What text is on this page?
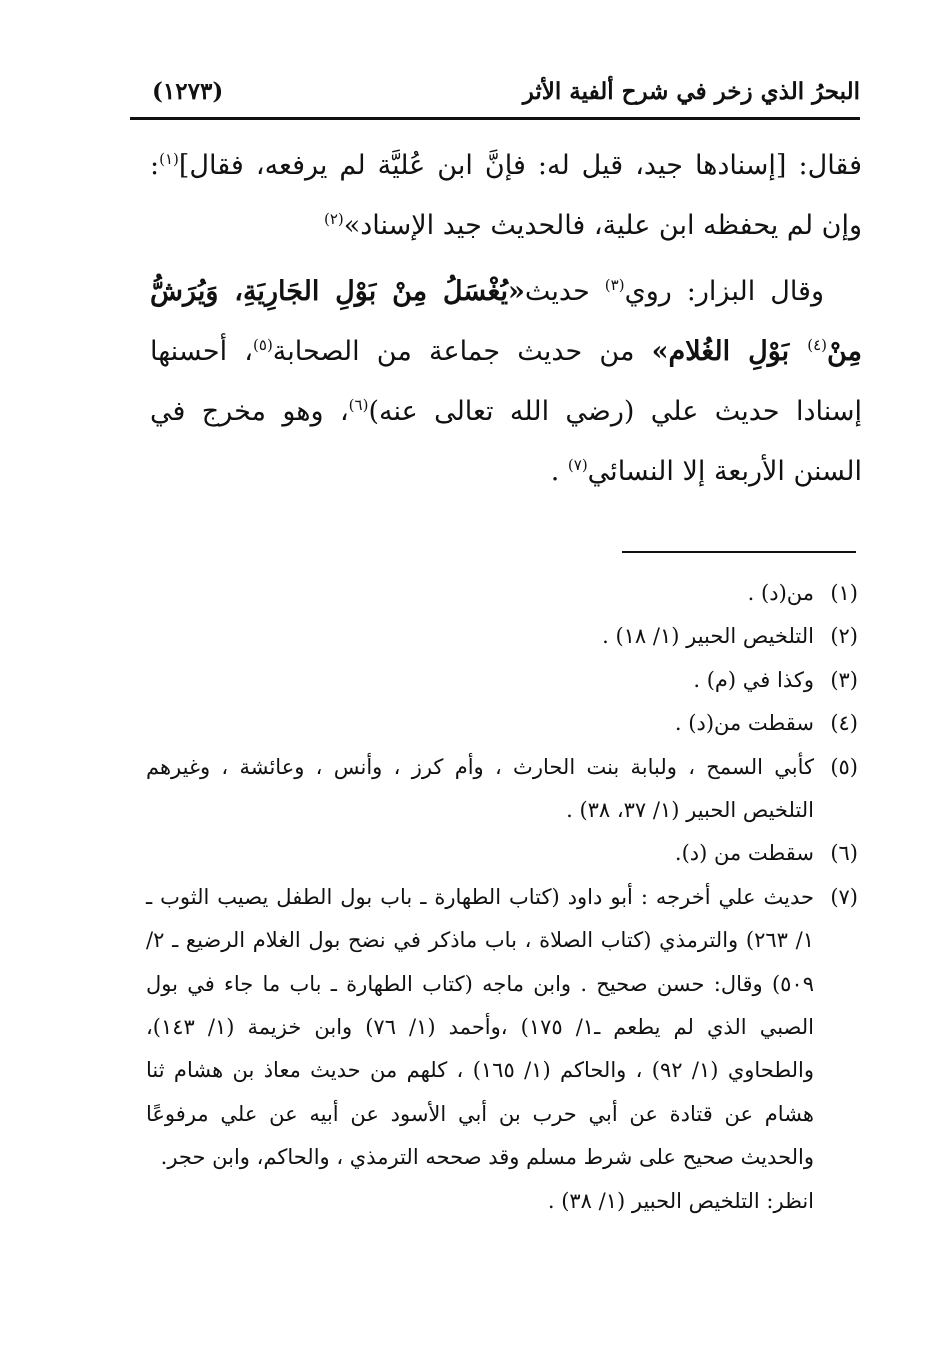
البحرُ الذي زخر في شرح ألفية الأثر
(١٢٧٣)

فقال: [إسنادها جيد، قيل له: فإنَّ ابن عُليَّة لم يرفعه، فقال]$^{(١)}$: وإن لم يحفظه ابن علية، فالحديث جيد الإسناد»$^{(٢)}$

وقال البزار: روي$^{(٣)}$ حديث«يُغْسَلُ مِنْ بَوْلِ الجَارِيَةِ، وَيُرَشُّ مِنْ$^{(٤)}$ بَوْلِ الغُلام» من حديث جماعة من الصحابة$^{(٥)}$، أحسنها إسنادا حديث علي (رضي الله تعالى عنه)$^{(٦)}$، وهو مخرج في السنن الأربعة إلا النسائي$^{(٧)}$ .

( ١ )
من(د) .
( ٢ )
التلخيص الحبير (١/ ١٨) .
( ٣ )
وكذا في (م) .
( ٤ )
سقطت من(د) .
( ٥ )
كأبي السمح ، ولبابة بنت الحارث ، وأم كرز ، وأنس ، وعائشة ، وغيرهم التلخيص الحبير (١/ ٣٧، ٣٨) .
( ٦ )
سقطت من (د).
( ٧ )
حديث علي أخرجه : أبو داود (كتاب الطهارة ـ باب بول الطفل يصيب الثوب ـ ١/ ٢٦٣) والترمذي (كتاب الصلاة ، باب ماذكر في نضح بول الغلام الرضيع ـ ٢/ ٥٠٩) وقال: حسن صحيح . وابن ماجه (كتاب الطهارة ـ باب ما جاء في بول الصبي الذي لم يطعم ـ١/ ١٧٥) ،وأحمد (١/ ٧٦) وابن خزيمة (١/ ١٤٣)، والطحاوي (١/ ٩٢) ، والحاكم (١/ ١٦٥) ، كلهم من حديث معاذ بن هشام ثنا هشام عن قتادة عن أبي حرب بن أبي الأسود عن أبيه عن علي مرفوعًا والحديث صحيح على شرط مسلم وقد صححه الترمذي ، والحاكم، وابن حجر.
انظر: التلخيص الحبير (١/ ٣٨) .
